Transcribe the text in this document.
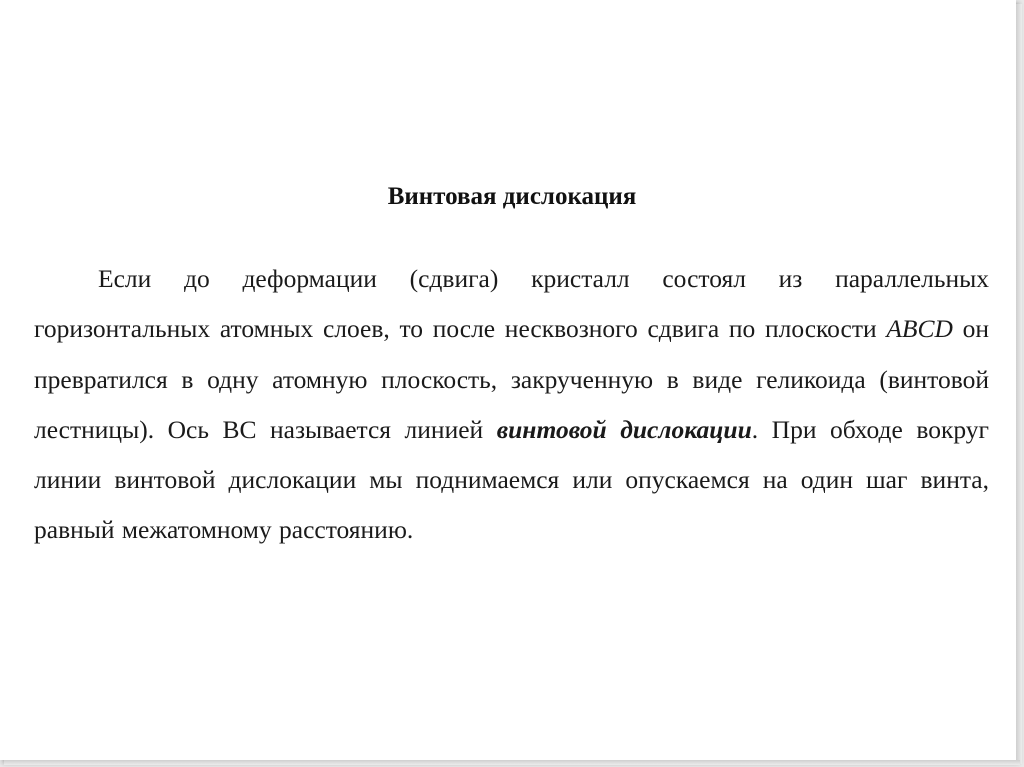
Винтовая дислокация

Если до деформации (сдвига) кристалл состоял из параллельных горизонтальных атомных слоев, то после несквозного сдвига по плоскости ABCD он превратился в одну атомную плоскость, закрученную в виде геликоида (винтовой лестницы). Ось ВС называется линией винтовой дислокации. При обходе вокруг линии винтовой дислокации мы поднимаемся или опускаемся на один шаг винта, равный межатомному расстоянию.
